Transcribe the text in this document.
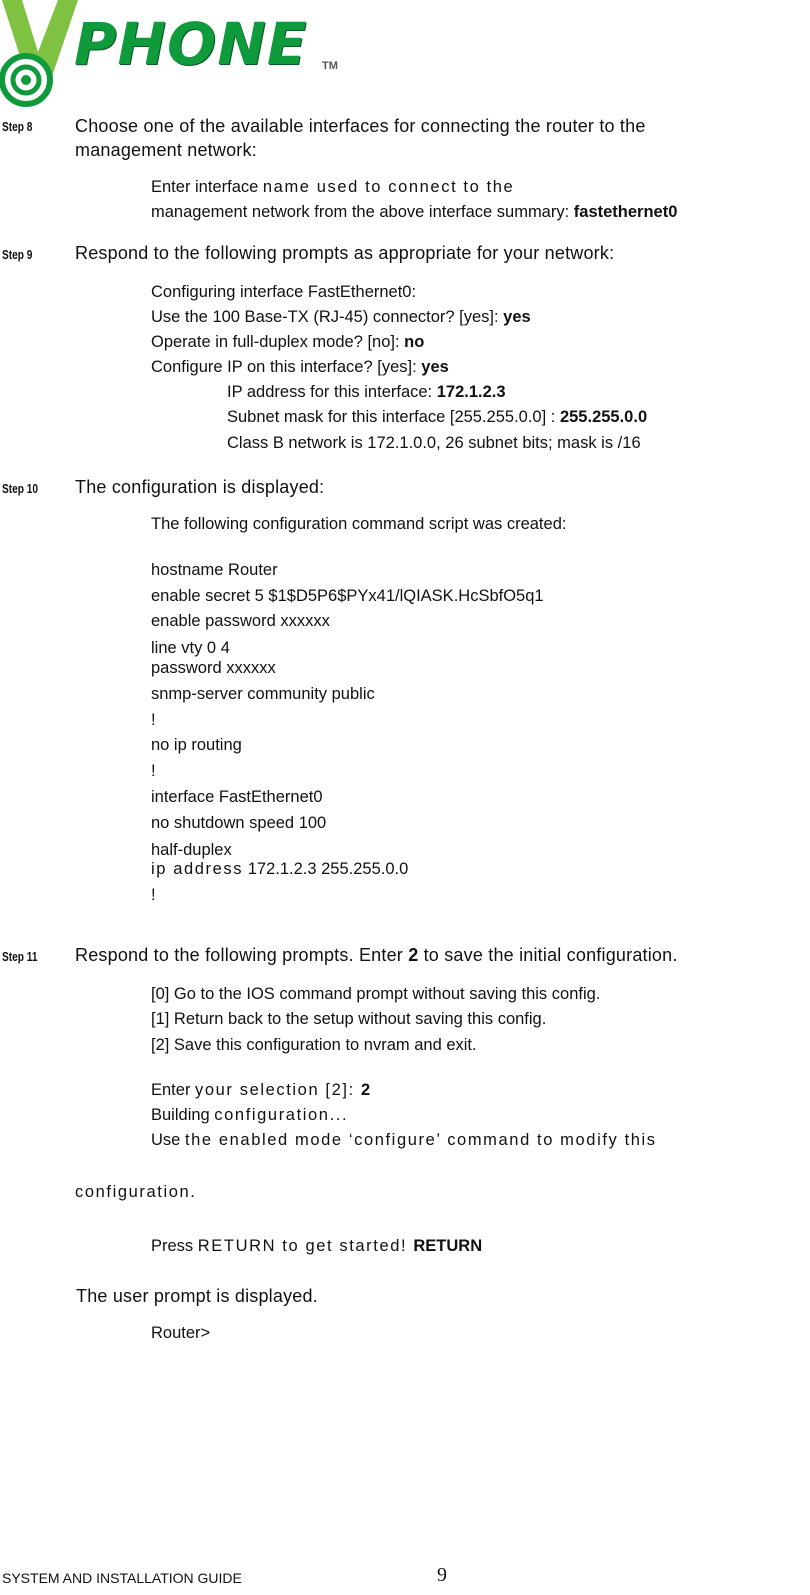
PHONE TM
Step 8 Choose one of the available interfaces for connecting the router to the
management network:
Enter interface name used to connect to the
management network from the above interface summary: fastethernet0
Step 9 Respond to the following prompts as appropriate for your network:
Configuring interface FastEthernet0:
Use the 100 Base-TX (RJ-45) connector? [yes]: yes
Operate in full-duplex mode? [no]: no
Configure IP on this interface? [yes]: yes
IP address for this interface: 172.1.2.3
Subnet mask for this interface [255.255.0.0] : 255.255.0.0
Class B network is 172.1.0.0, 26 subnet bits; mask is /16
Step 10 The configuration is displayed:
The following configuration command script was created:
hostname Router
enable secret 5 $1$D5P6$PYx41/lQIASK.HcSbfO5q1
enable password xxxxxx
line vty 0 4
password xxxxxx
snmp-server community public
!
no ip routing
!
interface FastEthernet0
no shutdown speed 100
half-duplex
ip address 172.1.2.3 255.255.0.0
!
Step 11 Respond to the following prompts. Enter 2 to save the initial configuration.
[0] Go to the IOS command prompt without saving this config.
[1] Return back to the setup without saving this config.
[2] Save this configuration to nvram and exit.
Enter your selection [2]: 2
Building configuration...
Use the enabled mode ‘configure’ command to modify this
configuration.
Press RETURN to get started! RETURN
The user prompt is displayed.
Router>
SYSTEM AND INSTALLATION GUIDE	9
